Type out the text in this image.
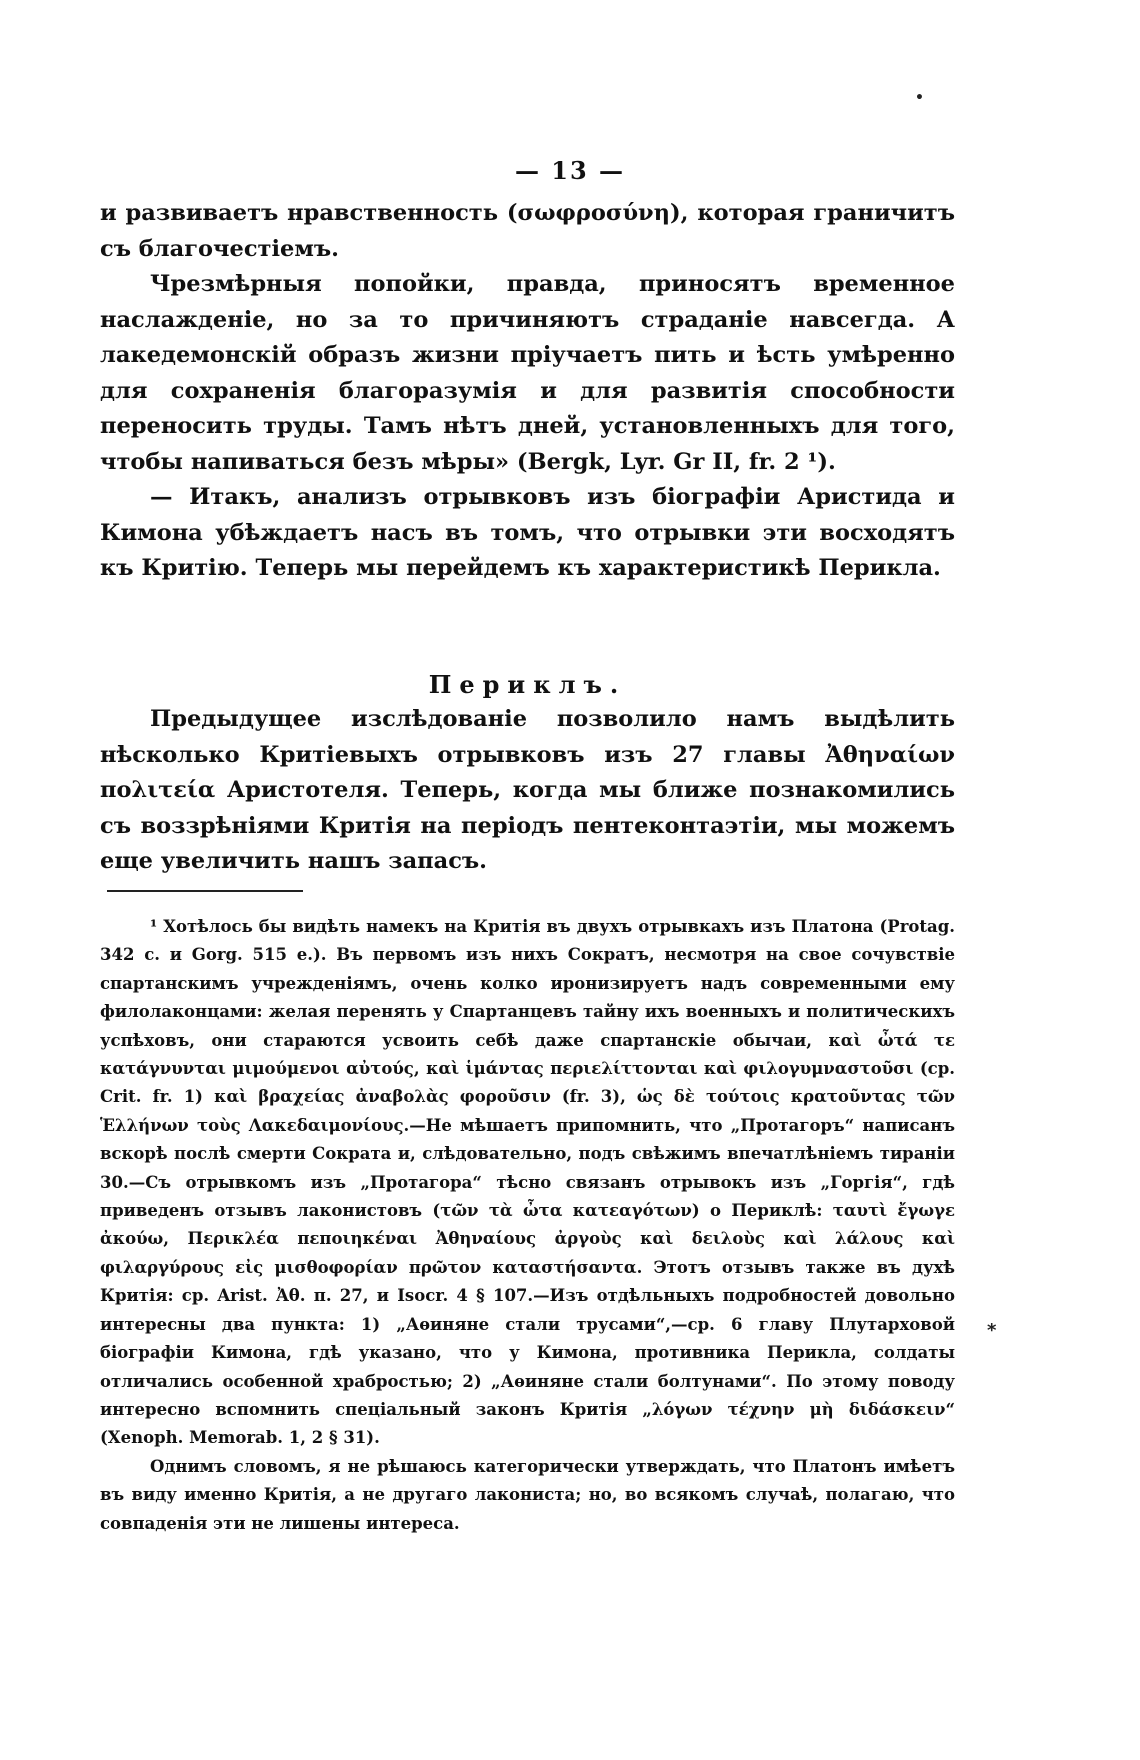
— 13 —

и развиваетъ нравственность (σωφροσύνη), которая граничитъ съ благочестіемъ.

Чрезмѣрныя попойки, правда, приносятъ временное наслажденіе, но за то причиняютъ страданіе навсегда. А лакедемонскій образъ жизни пріучаетъ пить и ѣсть умѣренно для сохраненія благоразумія и для развитія способности переносить труды. Тамъ нѣтъ дней, установленныхъ для того, чтобы напиваться безъ мѣры» (Bergk, Lyr. Gr II, fr. 2 ¹).

— Итакъ, анализъ отрывковъ изъ біографіи Аристида и Кимона убѣждаетъ насъ въ томъ, что отрывки эти восходятъ къ Критію. Теперь мы перейдемъ къ характеристикѣ Перикла.

Периклъ.

Предыдущее изслѣдованіе позволило намъ выдѣлить нѣсколько Критіевыхъ отрывковъ изъ 27 главы Ἀθηναίων πολιτεία Аристотеля. Теперь, когда мы ближе познакомились съ воззрѣніями Критія на періодъ пентеконтаэтіи, мы можемъ еще увеличить нашъ запасъ.

¹ Хотѣлось бы видѣть намекъ на Критія въ двухъ отрывкахъ изъ Платона (Protag. 342 c. и Gorg. 515 e.). Въ первомъ изъ нихъ Сократъ, несмотря на свое сочувствіе спартанскимъ учрежденіямъ, очень колко иронизируетъ надъ современными ему филолаконцами: желая перенять у Спартанцевъ тайну ихъ военныхъ и политическихъ успѣховъ, они стараются усвоить себѣ даже спартанскіе обычаи, καὶ ὦτά τε κατάγνυνται μιμούμενοι αὐτούς, καὶ ἱμάντας περιελίττονται καὶ φιλογυμναστοῦσι (cp. Crit. fr. 1) καὶ βραχείας ἀναβολὰς φοροῦσιν (fr. 3), ὡς δὲ τούτοις κρατοῦντας τῶν Ἑλλήνων τοὺς Λακεδαιμονίους.—Не мѣшаетъ припомнить, что „Протагоръ“ написанъ вскорѣ послѣ смерти Сократа и, слѣдовательно, подъ свѣжимъ впечатлѣніемъ тираніи 30.—Съ отрывкомъ изъ „Протагора“ тѣсно связанъ отрывокъ изъ „Горгія“, гдѣ приведенъ отзывъ лаконистовъ (τῶν τὰ ὦτα κατεαγότων) о Периклѣ: ταυτὶ ἔγωγε ἀκούω, Περικλέα πεποιηκέναι Ἀθηναίους ἀργοὺς καὶ δειλοὺς καὶ λάλους καὶ φιλαργύρους εἰς μισθοφορίαν πρῶτον καταστήσαντα. Этотъ отзывъ также въ духѣ Критія: cp. Arist. Ἀθ. π. 27, и Isocr. 4 § 107.—Изъ отдѣльныхъ подробностей довольно интересны два пункта: 1) „Аѳиняне стали трусами“,—cp. 6 главу Плутарховой біографіи Кимона, гдѣ указано, что у Кимона, противника Перикла, солдаты отличались особенной храбростью; 2) „Аѳиняне стали болтунами“. По этому поводу интересно вспомнить спеціальный законъ Критія „λόγων τέχνην μὴ διδάσκειν“ (Xenoph. Memorab. 1, 2 § 31).

Однимъ словомъ, я не рѣшаюсь категорически утверждать, что Платонъ имѣетъ въ виду именно Критія, а не другаго лакониста; но, во всякомъ случаѣ, полагаю, что совпаденія эти не лишены интереса.

•
*
